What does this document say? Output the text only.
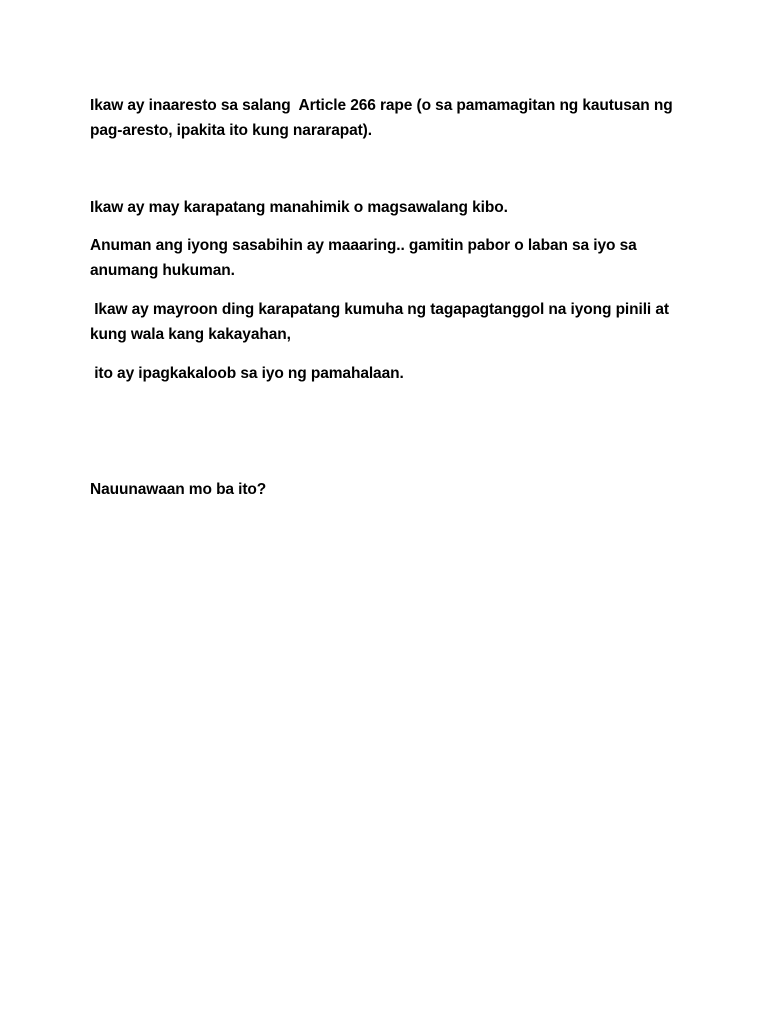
Ikaw ay inaaresto sa salang  Article 266 rape (o sa pamamagitan ng kautusan ng pag-aresto, ipakita ito kung nararapat).

Ikaw ay may karapatang manahimik o magsawalang kibo.

Anuman ang iyong sasabihin ay maaaring.. gamitin pabor o laban sa iyo sa anumang hukuman.

Ikaw ay mayroon ding karapatang kumuha ng tagapagtanggol na iyong pinili at kung wala kang kakayahan,

ito ay ipagkakaloob sa iyo ng pamahalaan.

Nauunawaan mo ba ito?
